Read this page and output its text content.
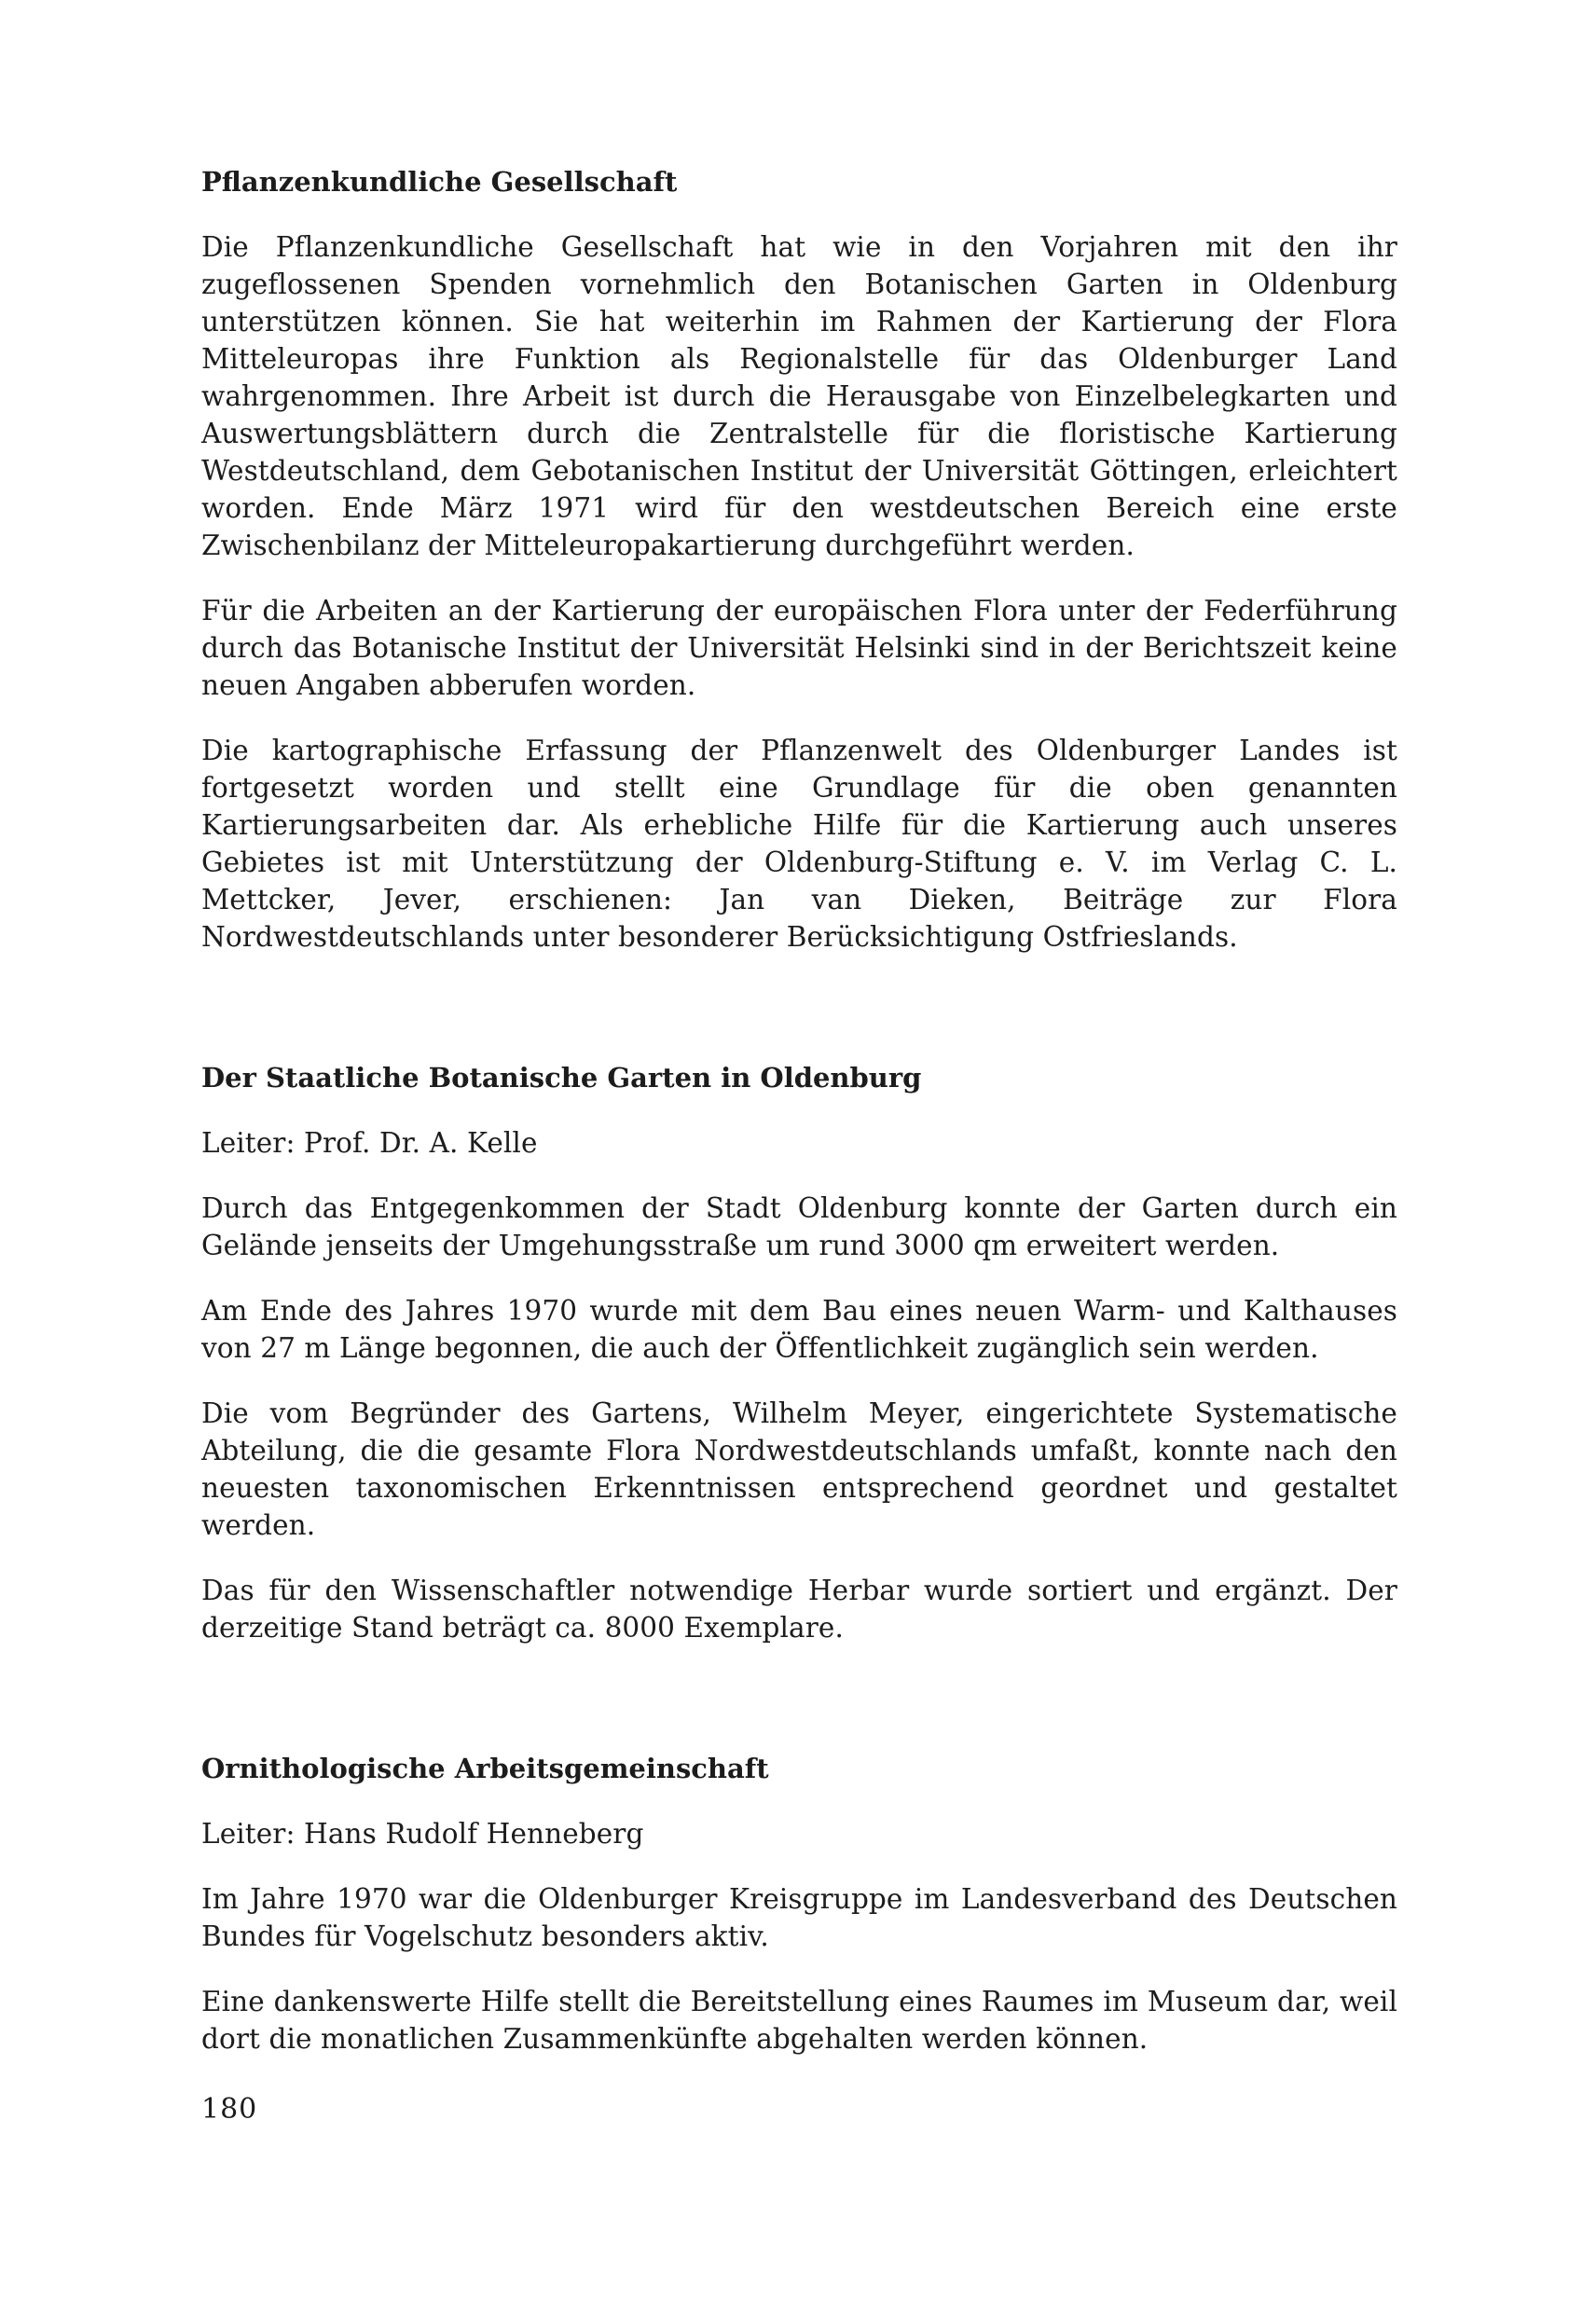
Pflanzenkundliche Gesellschaft

Die Pflanzenkundliche Gesellschaft hat wie in den Vorjahren mit den ihr zugeflossenen Spenden vornehmlich den Botanischen Garten in Oldenburg unterstützen können. Sie hat weiterhin im Rahmen der Kartierung der Flora Mitteleuropas ihre Funktion als Regionalstelle für das Oldenburger Land wahrgenommen. Ihre Arbeit ist durch die Herausgabe von Einzelbelegkarten und Auswertungsblättern durch die Zentralstelle für die floristische Kartierung Westdeutschland, dem Gebotanischen Institut der Universität Göttingen, erleichtert worden. Ende März 1971 wird für den westdeutschen Bereich eine erste Zwischenbilanz der Mitteleuropakartierung durchgeführt werden.

Für die Arbeiten an der Kartierung der europäischen Flora unter der Federführung durch das Botanische Institut der Universität Helsinki sind in der Berichtszeit keine neuen Angaben abberufen worden.

Die kartographische Erfassung der Pflanzenwelt des Oldenburger Landes ist fortgesetzt worden und stellt eine Grundlage für die oben genannten Kartierungsarbeiten dar. Als erhebliche Hilfe für die Kartierung auch unseres Gebietes ist mit Unterstützung der Oldenburg-Stiftung e. V. im Verlag C. L. Mettcker, Jever, erschienen: Jan van Dieken, Beiträge zur Flora Nordwestdeutschlands unter besonderer Berücksichtigung Ostfrieslands.

Der Staatliche Botanische Garten in Oldenburg

Leiter: Prof. Dr. A. Kelle

Durch das Entgegenkommen der Stadt Oldenburg konnte der Garten durch ein Gelände jenseits der Umgehungsstraße um rund 3000 qm erweitert werden.

Am Ende des Jahres 1970 wurde mit dem Bau eines neuen Warm- und Kalthauses von 27 m Länge begonnen, die auch der Öffentlichkeit zugänglich sein werden.

Die vom Begründer des Gartens, Wilhelm Meyer, eingerichtete Systematische Abteilung, die die gesamte Flora Nordwestdeutschlands umfaßt, konnte nach den neuesten taxonomischen Erkenntnissen entsprechend geordnet und gestaltet werden.

Das für den Wissenschaftler notwendige Herbar wurde sortiert und ergänzt. Der derzeitige Stand beträgt ca. 8000 Exemplare.

Ornithologische Arbeitsgemeinschaft

Leiter: Hans Rudolf Henneberg

Im Jahre 1970 war die Oldenburger Kreisgruppe im Landesverband des Deutschen Bundes für Vogelschutz besonders aktiv.

Eine dankenswerte Hilfe stellt die Bereitstellung eines Raumes im Museum dar, weil dort die monatlichen Zusammenkünfte abgehalten werden können.

180
